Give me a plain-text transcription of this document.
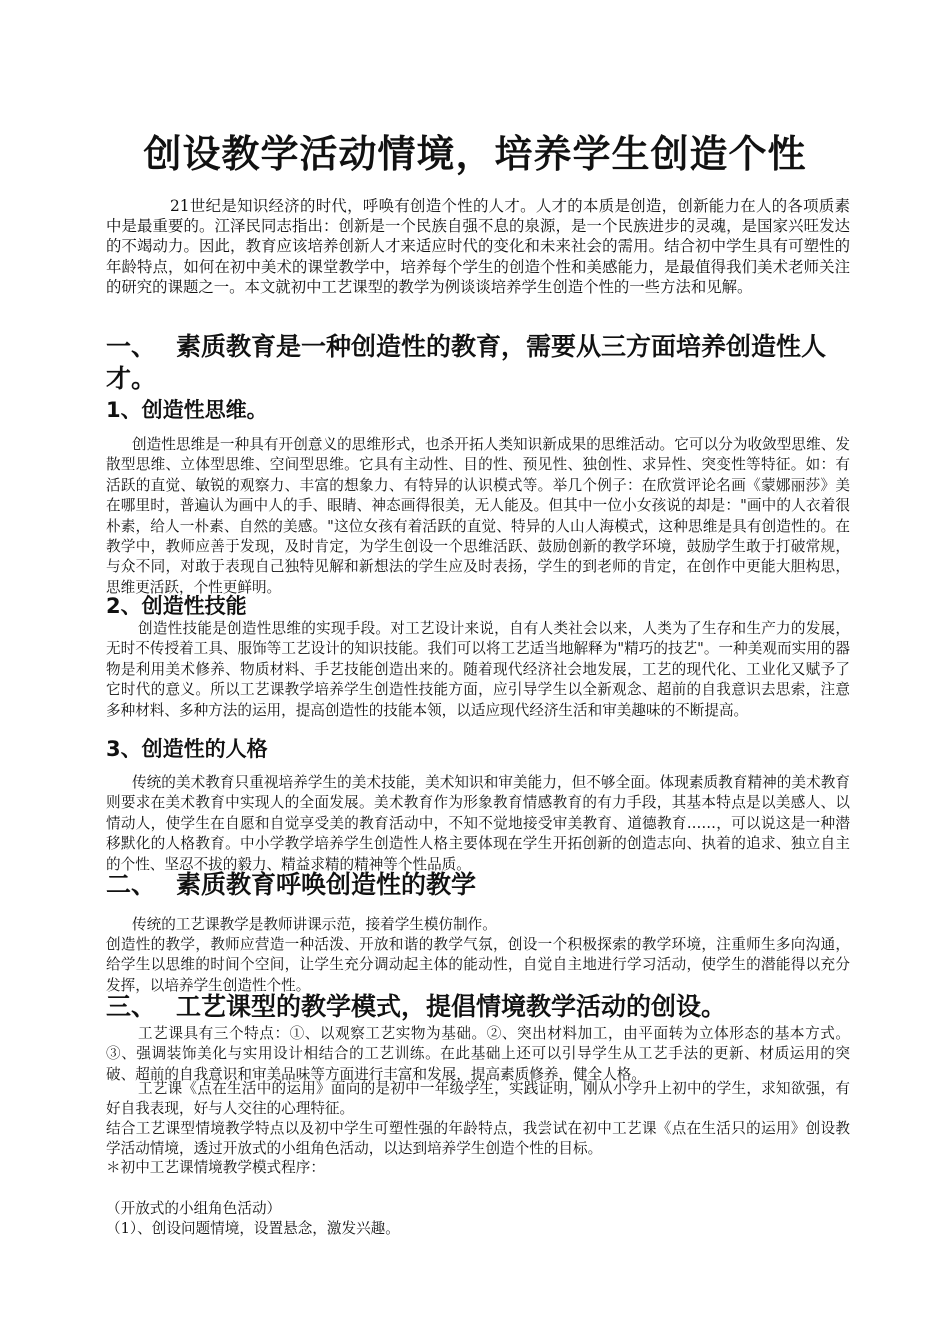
创设教学活动情境，培养学生创造个性

21世纪是知识经济的时代，呼唤有创造个性的人才。人才的本质是创造，创新能力在人的各项质素中是最重要的。江泽民同志指出：创新是一个民族自强不息的泉源，是一个民族进步的灵魂，是国家兴旺发达的不竭动力。因此，教育应该培养创新人才来适应时代的变化和未来社会的需用。结合初中学生具有可塑性的年龄特点，如何在初中美术的课堂教学中，培养每个学生的创造个性和美感能力，是最值得我们美术老师关注的研究的课题之一。本文就初中工艺课型的教学为例谈谈培养学生创造个性的一些方法和见解。

一、 素质教育是一种创造性的教育，需要从三方面培养创造性人才。
1、创造性思维。

创造性思维是一种具有开创意义的思维形式，也杀开拓人类知识新成果的思维活动。它可以分为收敛型思维、发散型思维、立体型思维、空间型思维。它具有主动性、目的性、预见性、独创性、求异性、突变性等特征。如：有活跃的直觉、敏锐的观察力、丰富的想象力、有特异的认识模式等。举几个例子：在欣赏评论名画《蒙娜丽莎》美在哪里时，普遍认为画中人的手、眼睛、神态画得很美，无人能及。但其中一位小女孩说的却是："画中的人衣着很朴素，给人一朴素、自然的美感。"这位女孩有着活跃的直觉、特异的人山人海模式，这种思维是具有创造性的。在教学中，教师应善于发现，及时肯定，为学生创设一个思维活跃、鼓励创新的教学环境，鼓励学生敢于打破常规，与众不同，对敢于表现自己独特见解和新想法的学生应及时表扬，学生的到老师的肯定，在创作中更能大胆构思，思维更活跃，个性更鲜明。

2、创造性技能

创造性技能是创造性思维的实现手段。对工艺设计来说，自有人类社会以来，人类为了生存和生产力的发展，无时不传授着工具、服饰等工艺设计的知识技能。我们可以将工艺适当地解释为"精巧的技艺"。一种美观而实用的器物是利用美术修养、物质材料、手艺技能创造出来的。随着现代经济社会地发展，工艺的现代化、工业化又赋予了它时代的意义。所以工艺课教学培养学生创造性技能方面，应引导学生以全新观念、超前的自我意识去思索，注意多种材料、多种方法的运用，提高创造性的技能本领，以适应现代经济生活和审美趣味的不断提高。

3、创造性的人格

传统的美术教育只重视培养学生的美术技能，美术知识和审美能力，但不够全面。体现素质教育精神的美术教育则要求在美术教育中实现人的全面发展。美术教育作为形象教育情感教育的有力手段，其基本特点是以美感人、以情动人，使学生在自愿和自觉享受美的教育活动中，不知不觉地接受审美教育、道德教育……，可以说这是一种潜移默化的人格教育。中小学教学培养学生创造性人格主要体现在学生开拓创新的创造志向、执着的追求、独立自主的个性、坚忍不拔的毅力、精益求精的精神等个性品质。

二、 素质教育呼唤创造性的教学

传统的工艺课教学是教师讲课示范，接着学生模仿制作。

创造性的教学，教师应营造一种活泼、开放和谐的教学气氛，创设一个积极探索的教学环境，注重师生多向沟通，给学生以思维的时间个空间，让学生充分调动起主体的能动性，自觉自主地进行学习活动，使学生的潜能得以充分发挥，以培养学生创造性个性。

三、 工艺课型的教学模式，提倡情境教学活动的创设。

工艺课具有三个特点：①、以观察工艺实物为基础。②、突出材料加工，由平面转为立体形态的基本方式。③、强调装饰美化与实用设计相结合的工艺训练。在此基础上还可以引导学生从工艺手法的更新、材质运用的突破、超前的自我意识和审美品味等方面进行丰富和发展，提高素质修养，健全人格。

工艺课《点在生活中的运用》面向的是初中一年级学生，实践证明，刚从小学升上初中的学生，求知欲强，有好自我表现，好与人交往的心理特征。

结合工艺课型情境教学特点以及初中学生可塑性强的年龄特点，我尝试在初中工艺课《点在生活只的运用》创设教学活动情境，透过开放式的小组角色活动，以达到培养学生创造个性的目标。

＊初中工艺课情境教学模式程序：

（开放式的小组角色活动）

（1）、创设问题情境，设置悬念，激发兴趣。
